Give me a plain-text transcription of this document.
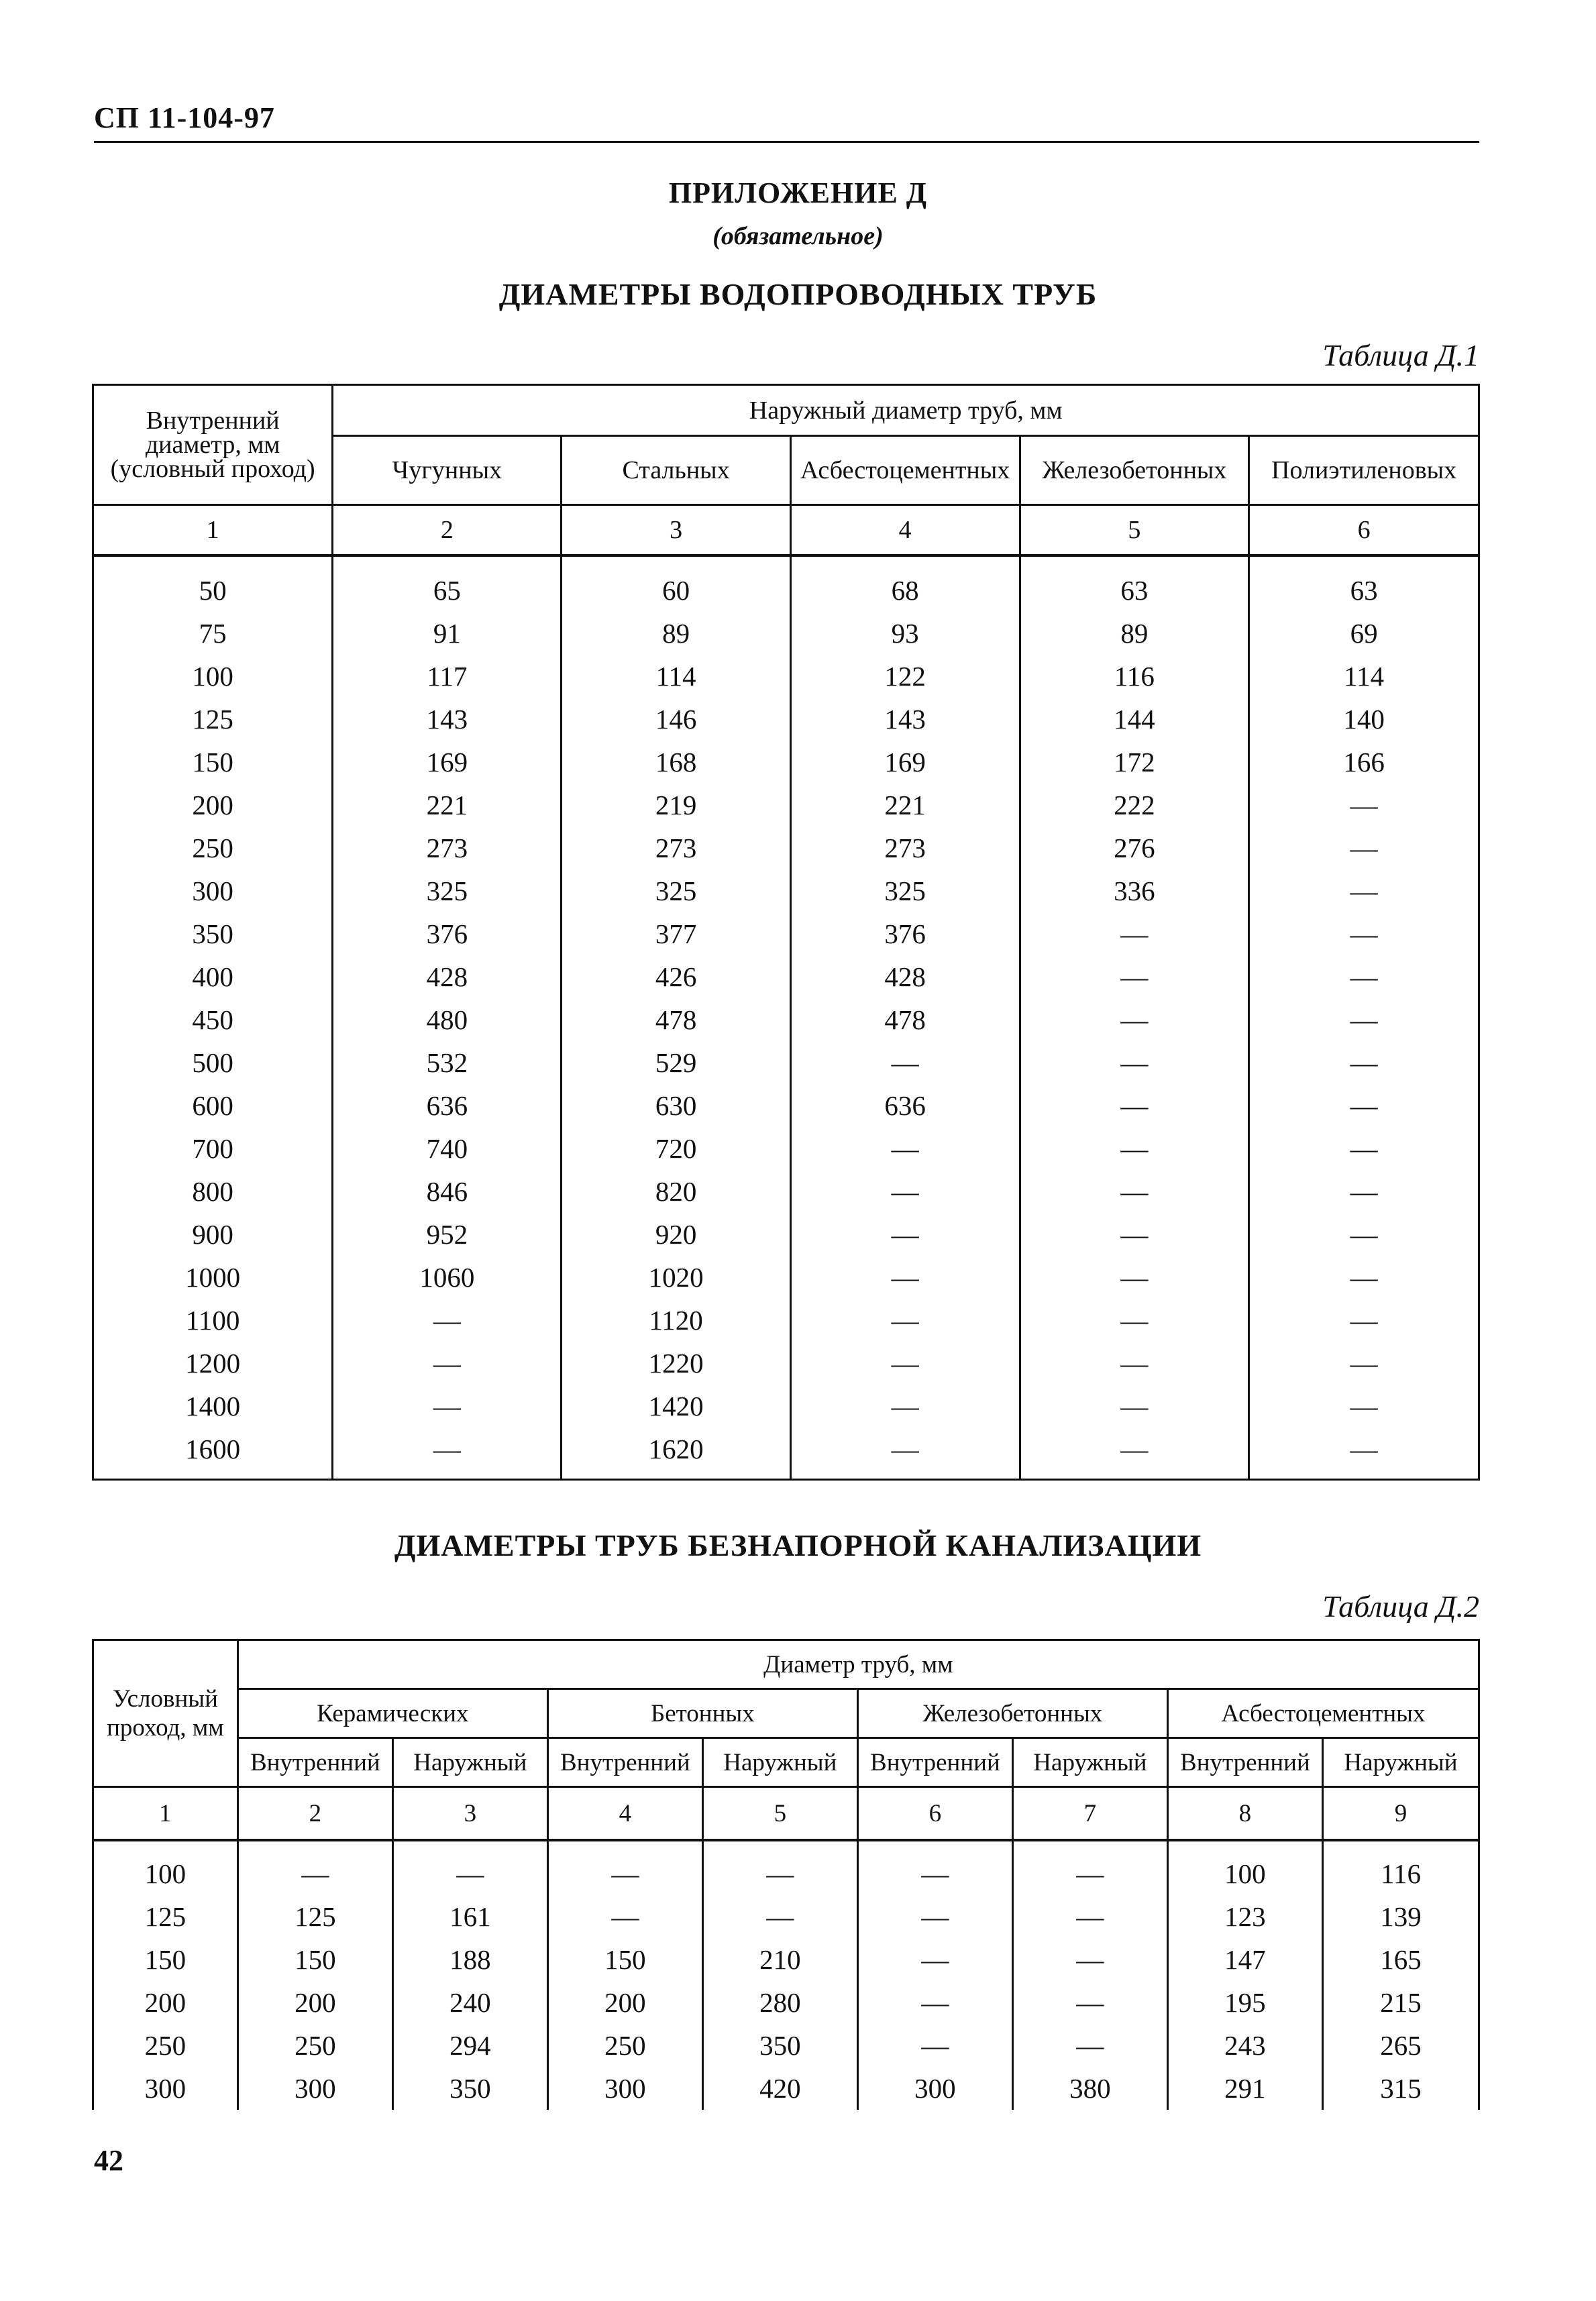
СП 11-104-97
ПРИЛОЖЕНИЕ Д
(обязательное)
ДИАМЕТРЫ ВОДОПРОВОДНЫХ ТРУБ
Таблица Д.1
Внутренний
диаметр, мм
(условный проход)	Наружный диаметр труб, мм				
	Чугунных	Стальных	Асбестоцементных	Железобетонных	Полиэтиленовых
1	2	3	4	5	6
50	65	60	68	63	63
75	91	89	93	89	69
100	117	114	122	116	114
125	143	146	143	144	140
150	169	168	169	172	166
200	221	219	221	222	—
250	273	273	273	276	—
300	325	325	325	336	—
350	376	377	376	—	—
400	428	426	428	—	—
450	480	478	478	—	—
500	532	529	—	—	—
600	636	630	636	—	—
700	740	720	—	—	—
800	846	820	—	—	—
900	952	920	—	—	—
1000	1060	1020	—	—	—
1100	—	1120	—	—	—
1200	—	1220	—	—	—
1400	—	1420	—	—	—
1600	—	1620	—	—	—
ДИАМЕТРЫ ТРУБ БЕЗНАПОРНОЙ КАНАЛИЗАЦИИ
Таблица Д.2
Условный
проход, мм	Диаметр труб, мм							
	Керамических		Бетонных		Железобетонных		Асбестоцементных	
	Внутренний	Наружный	Внутренний	Наружный	Внутренний	Наружный	Внутренний	Наружный
1	2	3	4	5	6	7	8	9
100	—	—	—	—	—	—	100	116
125	125	161	—	—	—	—	123	139
150	150	188	150	210	—	—	147	165
200	200	240	200	280	—	—	195	215
250	250	294	250	350	—	—	243	265
300	300	350	300	420	300	380	291	315
42
